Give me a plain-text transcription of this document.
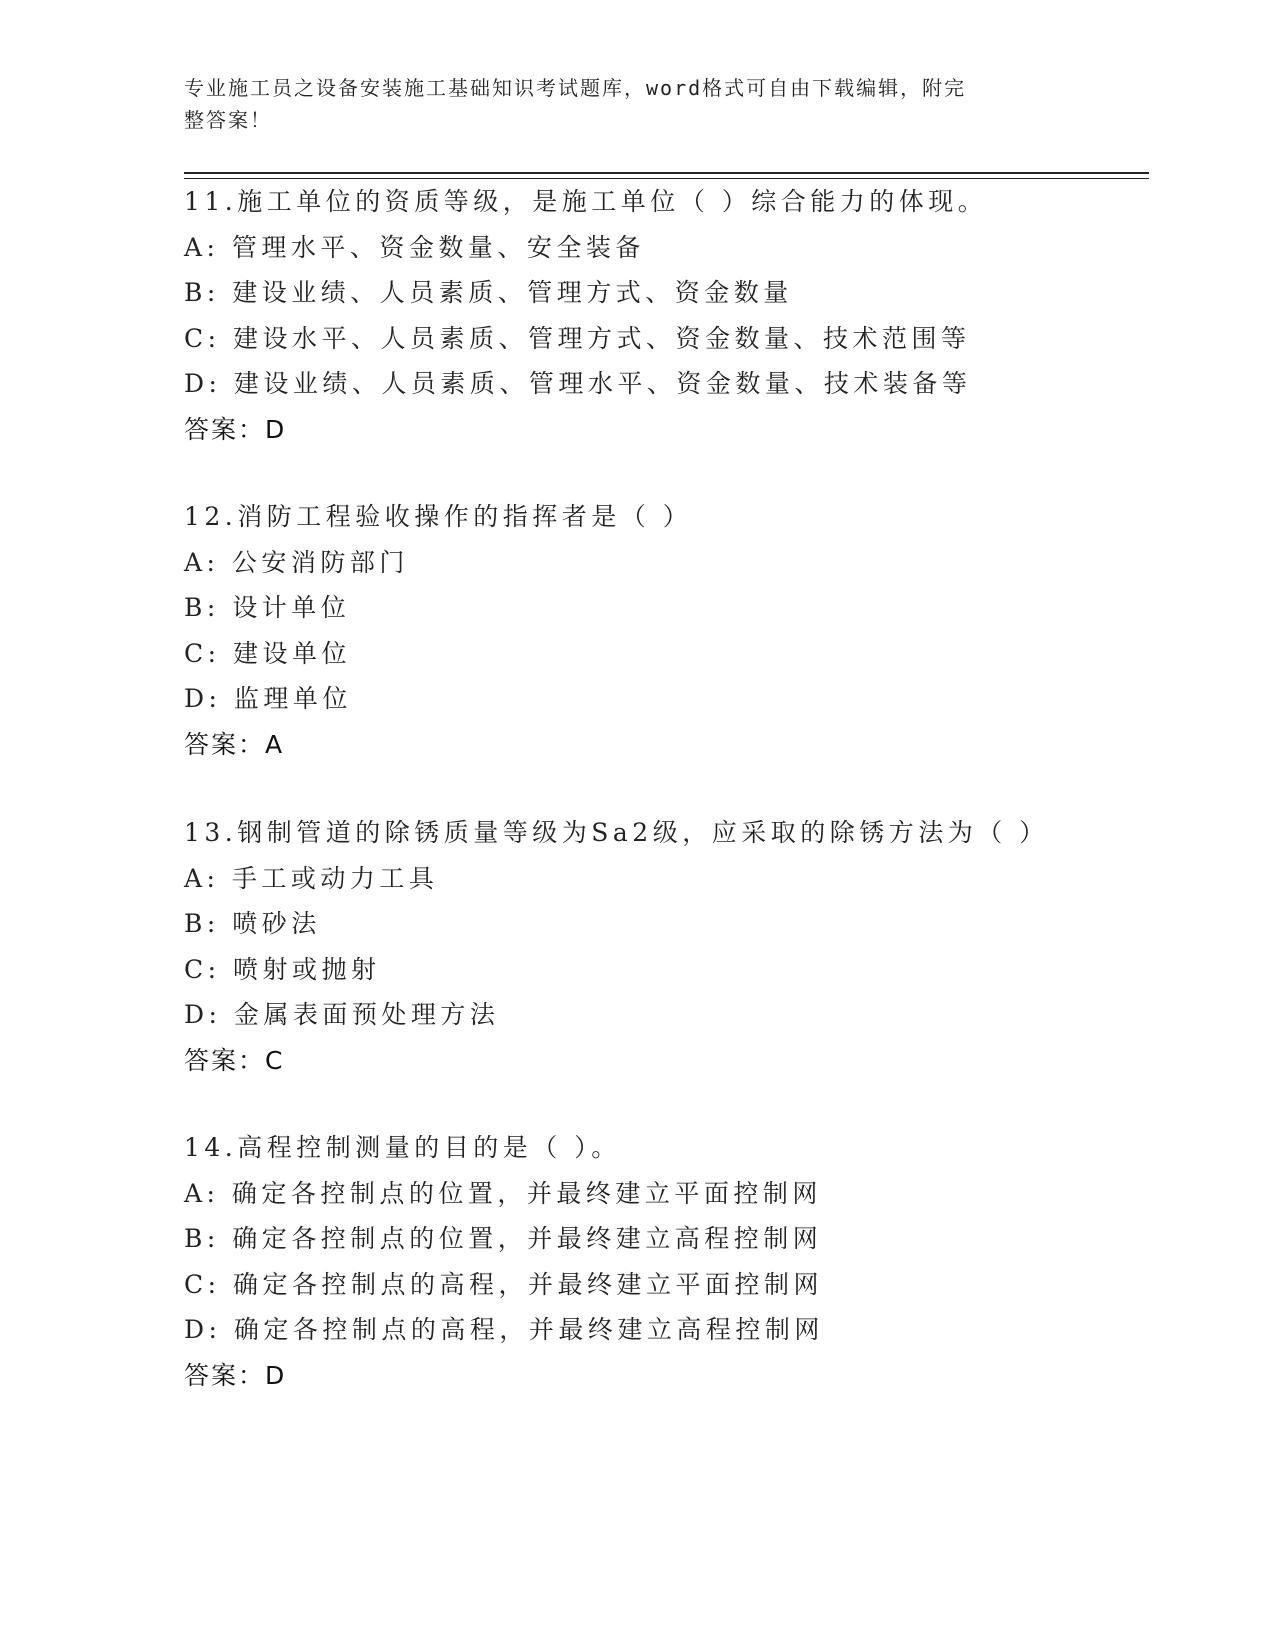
专业施工员之设备安装施工基础知识考试题库，word格式可自由下载编辑，附完
整答案！
11.施工单位的资质等级，是施工单位（ ）综合能力的体现。
A: 管理水平、资金数量、安全装备
B: 建设业绩、人员素质、管理方式、资金数量
C: 建设水平、人员素质、管理方式、资金数量、技术范围等
D: 建设业绩、人员素质、管理水平、资金数量、技术装备等
答案：D
12.消防工程验收操作的指挥者是（ ）
A: 公安消防部门
B: 设计单位
C: 建设单位
D: 监理单位
答案：A
13.钢制管道的除锈质量等级为Sa2级，应采取的除锈方法为（ ）
A: 手工或动力工具
B: 喷砂法
C: 喷射或抛射
D: 金属表面预处理方法
答案：C
14.高程控制测量的目的是（ ）。
A: 确定各控制点的位置，并最终建立平面控制网
B: 确定各控制点的位置，并最终建立高程控制网
C: 确定各控制点的高程，并最终建立平面控制网
D: 确定各控制点的高程，并最终建立高程控制网
答案：D
